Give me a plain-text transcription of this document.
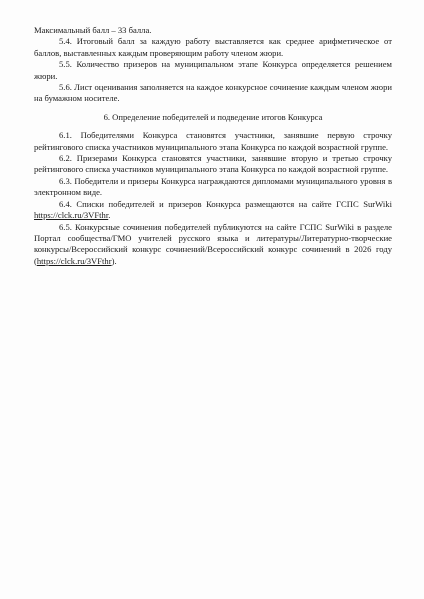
Максимальный балл – 33 балла.

5.4. Итоговый балл за каждую работу выставляется как среднее арифметическое от баллов, выставленных каждым проверяющим работу членом жюри.

5.5. Количество призеров на муниципальном этапе Конкурса определяется решением жюри.

5.6. Лист оценивания заполняется на каждое конкурсное сочинение каждым членом жюри на бумажном носителе.

6. Определение победителей и подведение итогов Конкурса

6.1. Победителями Конкурса становятся участники, занявшие первую строчку рейтингового списка участников муниципального этапа Конкурса по каждой возрастной группе.

6.2. Призерами Конкурса становятся участники, занявшие вторую и третью строчку рейтингового списка участников муниципального этапа Конкурса по каждой возрастной группе.

6.3. Победители и призеры Конкурса награждаются дипломами муниципального уровня в электронном виде.

6.4. Списки победителей и призеров Конкурса размещаются на сайте ГСПС SurWiki https://clck.ru/3VFthr.

6.5. Конкурсные сочинения победителей публикуются на сайте ГСПС SurWiki в разделе Портал сообщества/ГМО учителей русского языка и литературы/Литературно-творческие конкурсы/Всероссийский конкурс сочинений/Всероссийский конкурс сочинений в 2026 году (https://clck.ru/3VFthr).
